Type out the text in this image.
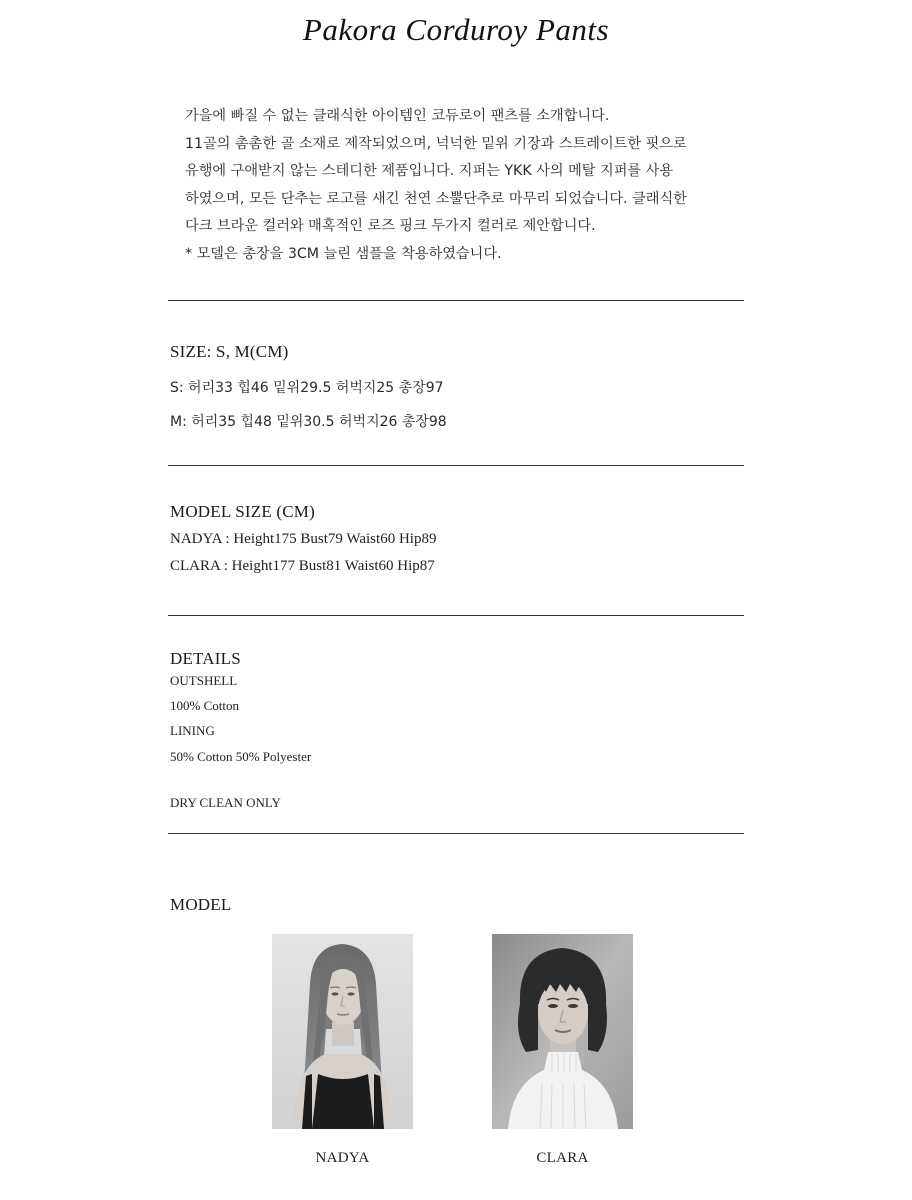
Pakora Corduroy Pants
가을에 빠질 수 없는 클래식한 아이템인 코듀로이 팬츠를 소개합니다.
11골의 촘촘한 골 소재로 제작되었으며, 넉넉한 밑위 기장과 스트레이트한 핏으로
유행에 구애받지 않는 스테디한 제품입니다. 지퍼는 YKK 사의 메탈 지퍼를 사용
하였으며, 모든 단추는 로고를 새긴 천연 소뿔단추로 마무리 되었습니다. 클래식한
다크 브라운 컬러와 매혹적인 로즈 핑크 두가지 컬러로 제안합니다.
* 모델은 총장을 3CM 늘린 샘플을 착용하였습니다.
SIZE: S, M(CM)
S: 허리33 힙46 밑위29.5 허벅지25 총장97
M: 허리35 힙48 밑위30.5 허벅지26 총장98
MODEL SIZE (CM)
NADYA : Height175 Bust79 Waist60 Hip89
CLARA : Height177 Bust81 Waist60 Hip87
DETAILS
OUTSHELL
100% Cotton
LINING
50% Cotton 50% Polyester
DRY CLEAN ONLY
MODEL
NADYA	CLARA
